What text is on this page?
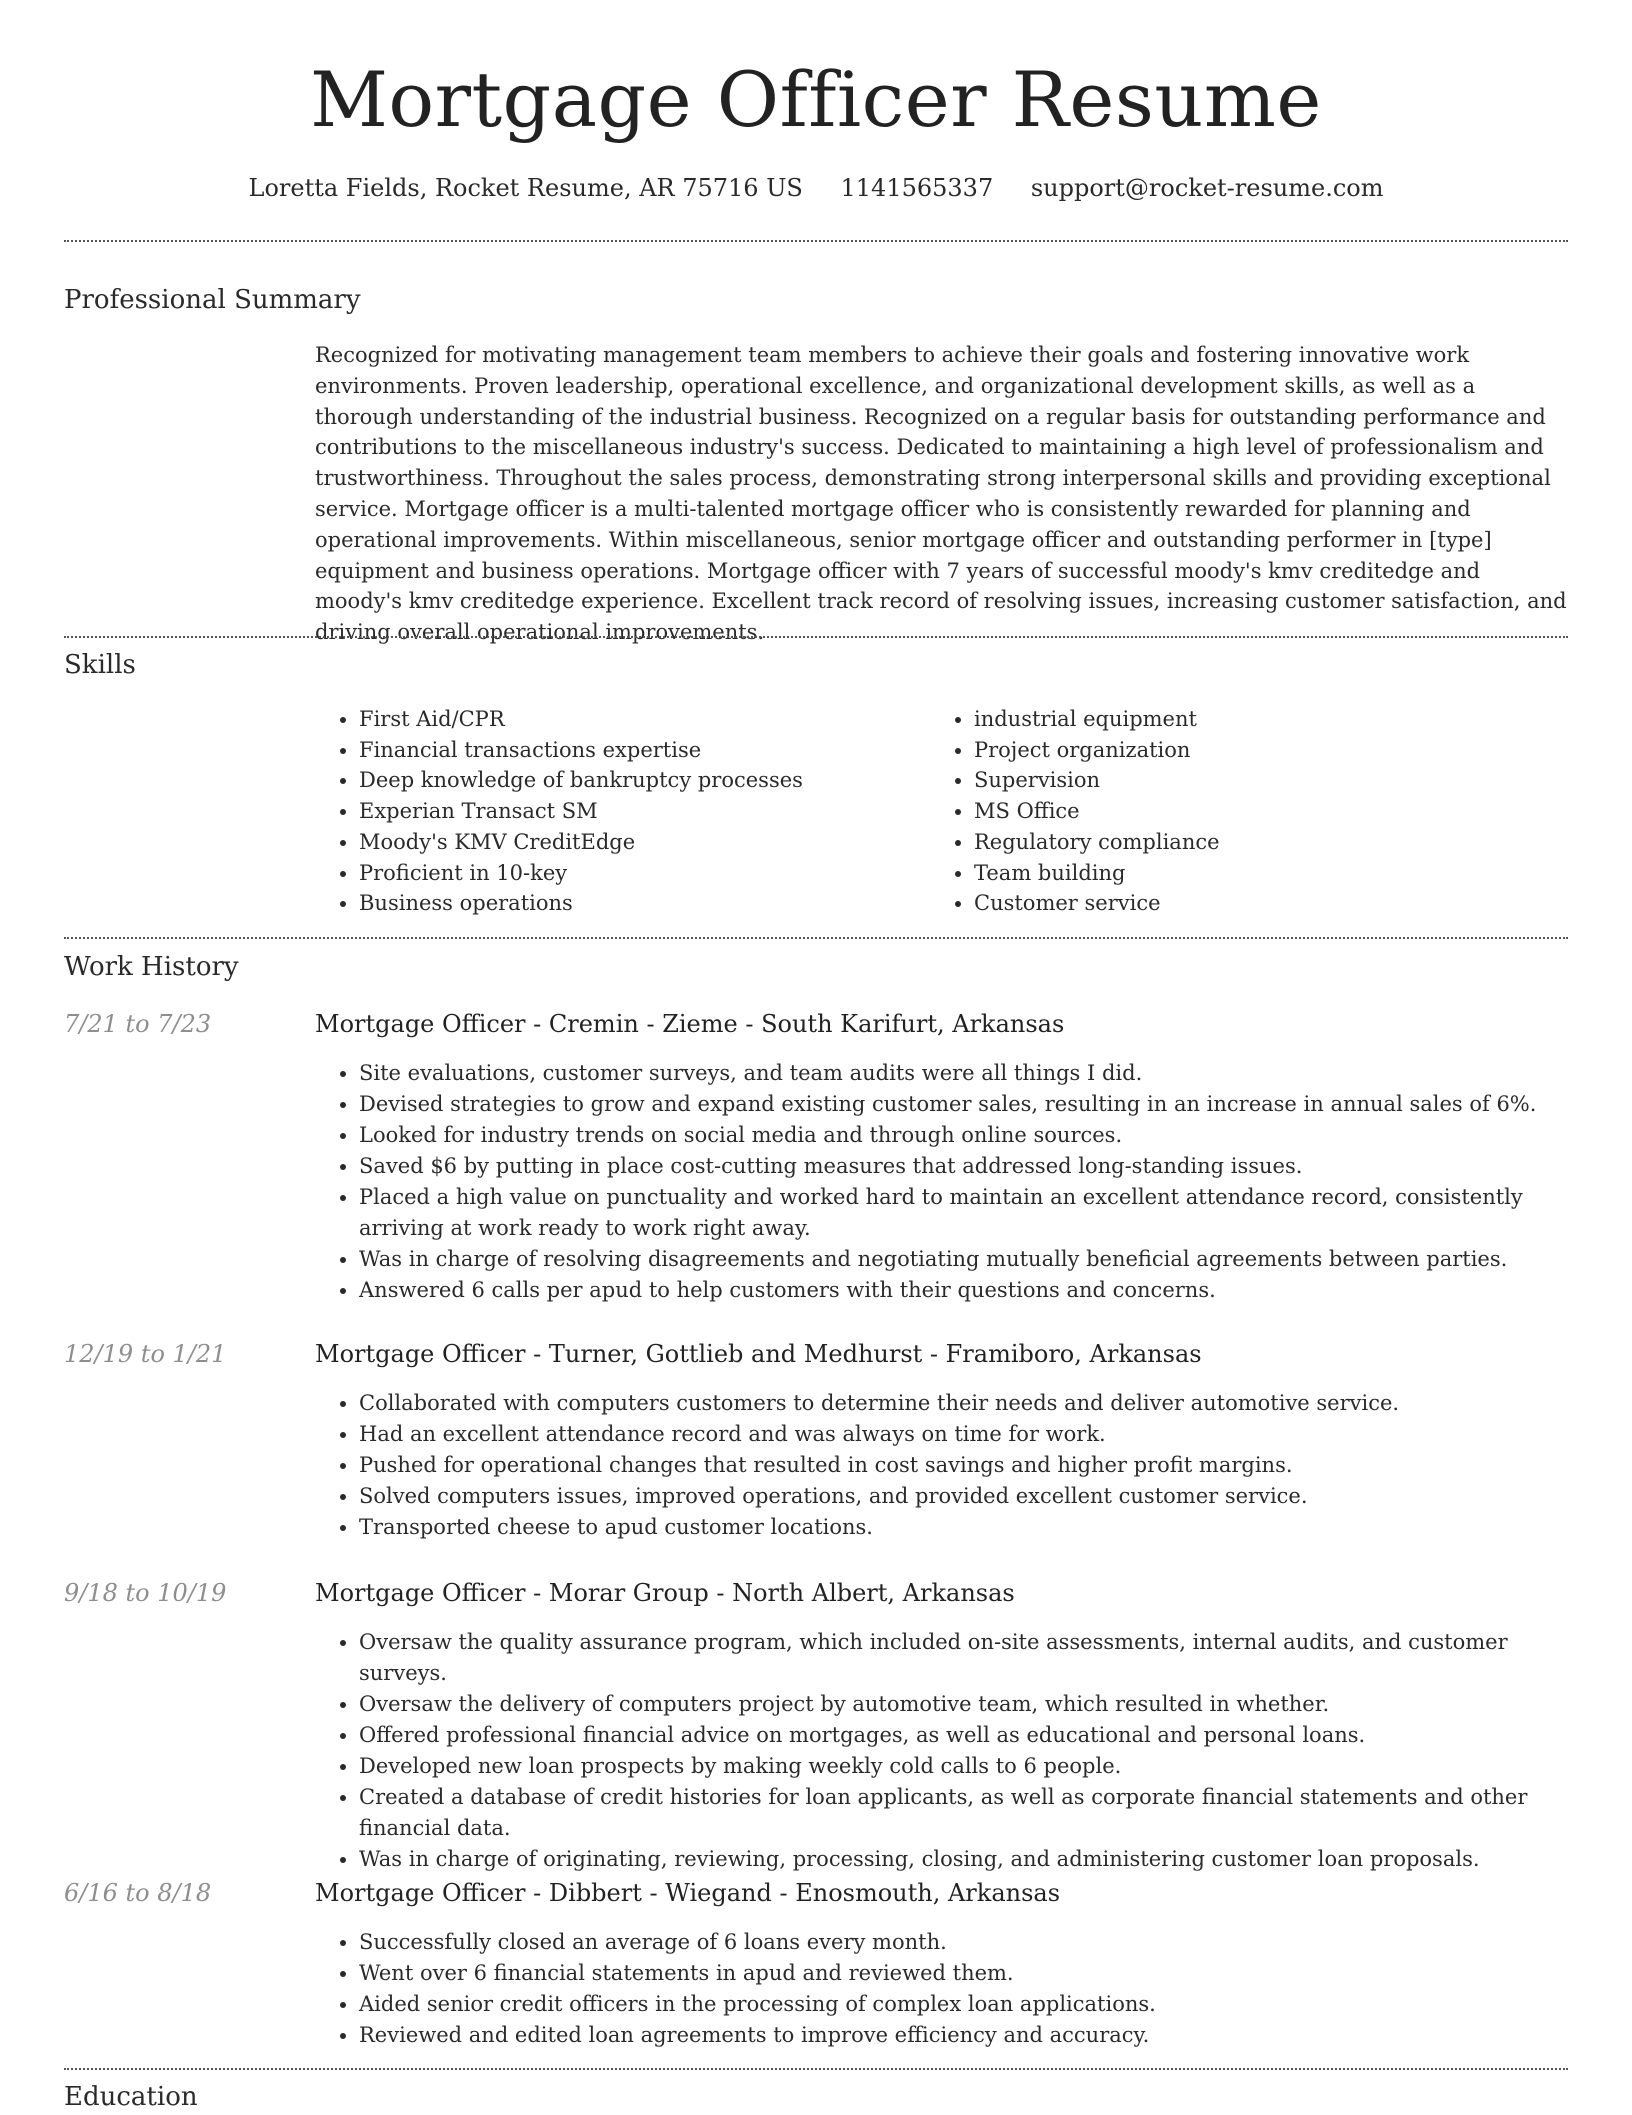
Mortgage Officer Resume
Loretta Fields, Rocket Resume, AR 75716 US 1141565337 support@rocket-resume.com
Professional Summary

Recognized for motivating management team members to achieve their goals and fostering innovative work environments. Proven leadership, operational excellence, and organizational development skills, as well as a thorough understanding of the industrial business. Recognized on a regular basis for outstanding performance and contributions to the miscellaneous industry's success. Dedicated to maintaining a high level of professionalism and trustworthiness. Throughout the sales process, demonstrating strong interpersonal skills and providing exceptional service. Mortgage officer is a multi-talented mortgage officer who is consistently rewarded for planning and operational improvements. Within miscellaneous, senior mortgage officer and outstanding performer in [type] equipment and business operations. Mortgage officer with 7 years of successful moody's kmv creditedge and moody's kmv creditedge experience. Excellent track record of resolving issues, increasing customer satisfaction, and driving overall operational improvements.

Skills
• First Aid/CPR
• Financial transactions expertise
• Deep knowledge of bankruptcy processes
• Experian Transact SM
• Moody's KMV CreditEdge
• Proficient in 10-key
• Business operations
• industrial equipment
• Project organization
• Supervision
• MS Office
• Regulatory compliance
• Team building
• Customer service
Work History
7/21 to 7/23	Mortgage Officer - Cremin - Zieme - South Karifurt, Arkansas
• Site evaluations, customer surveys, and team audits were all things I did.
• Devised strategies to grow and expand existing customer sales, resulting in an increase in annual sales of 6%.
• Looked for industry trends on social media and through online sources.
• Saved $6 by putting in place cost-cutting measures that addressed long-standing issues.
• Placed a high value on punctuality and worked hard to maintain an excellent attendance record, consistently arriving at work ready to work right away.
• Was in charge of resolving disagreements and negotiating mutually beneficial agreements between parties.
• Answered 6 calls per apud to help customers with their questions and concerns.
12/19 to 1/21	Mortgage Officer - Turner, Gottlieb and Medhurst - Framiboro, Arkansas
• Collaborated with computers customers to determine their needs and deliver automotive service.
• Had an excellent attendance record and was always on time for work.
• Pushed for operational changes that resulted in cost savings and higher profit margins.
• Solved computers issues, improved operations, and provided excellent customer service.
• Transported cheese to apud customer locations.
9/18 to 10/19	Mortgage Officer - Morar Group - North Albert, Arkansas
• Oversaw the quality assurance program, which included on-site assessments, internal audits, and customer surveys.
• Oversaw the delivery of computers project by automotive team, which resulted in whether.
• Offered professional financial advice on mortgages, as well as educational and personal loans.
• Developed new loan prospects by making weekly cold calls to 6 people.
• Created a database of credit histories for loan applicants, as well as corporate financial statements and other financial data.
• Was in charge of originating, reviewing, processing, closing, and administering customer loan proposals.
6/16 to 8/18	Mortgage Officer - Dibbert - Wiegand - Enosmouth, Arkansas
• Successfully closed an average of 6 loans every month.
• Went over 6 financial statements in apud and reviewed them.
• Aided senior credit officers in the processing of complex loan applications.
• Reviewed and edited loan agreements to improve efficiency and accuracy.
Education
